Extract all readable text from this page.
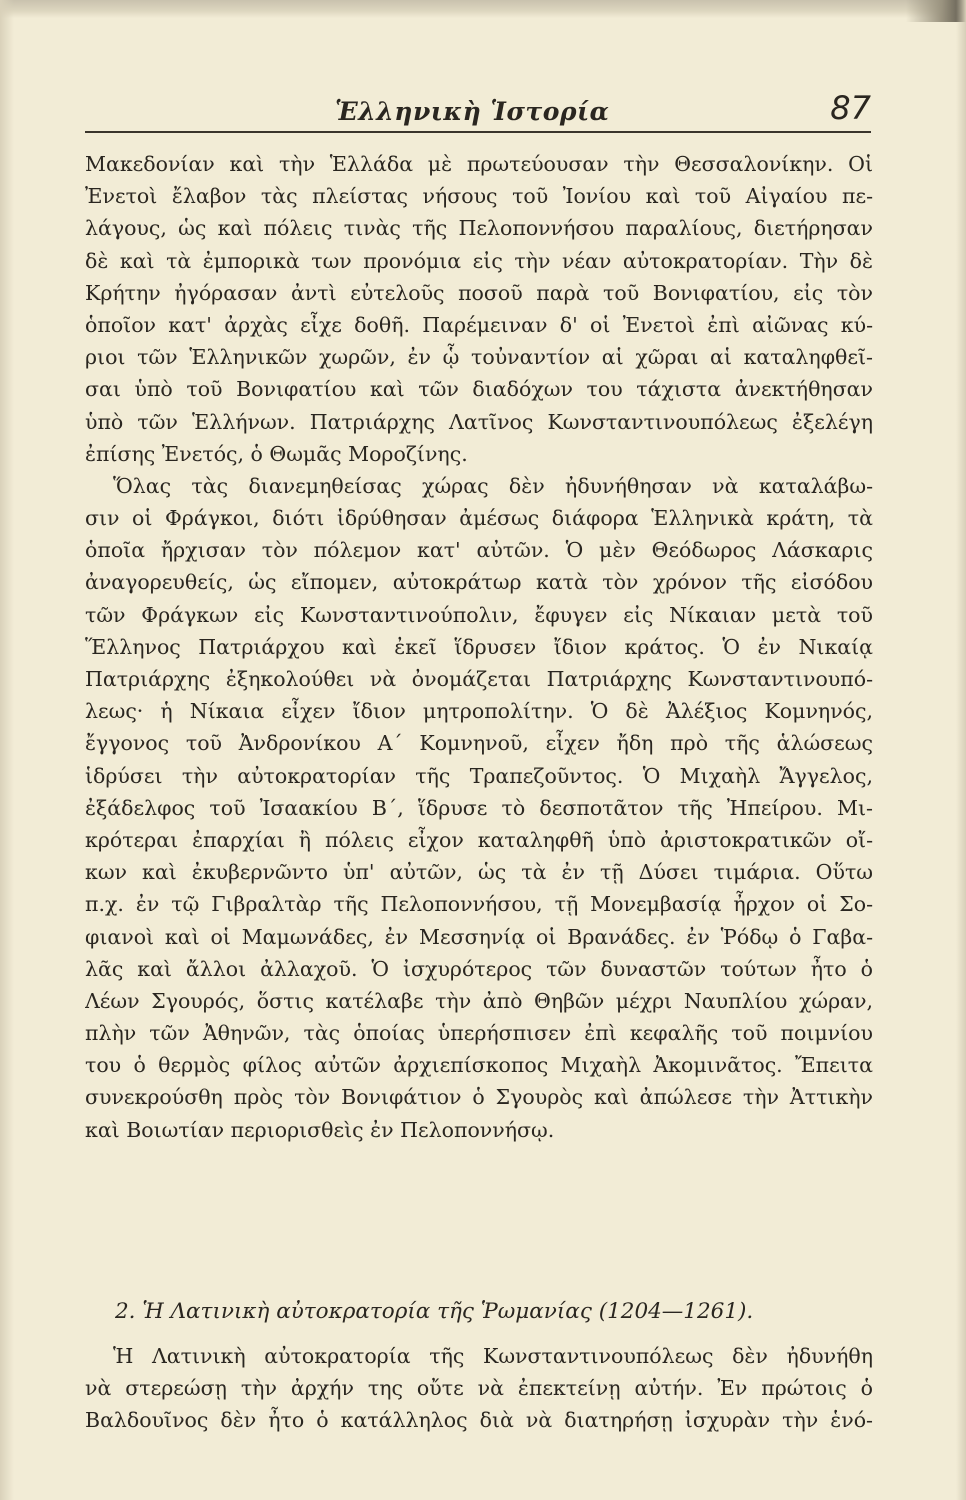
Ἑλληνικὴ Ἱστορία	87
Μακεδονίαν καὶ τὴν Ἑλλάδα μὲ πρωτεύουσαν τὴν Θεσσαλονίκην. Οἱ
Ἐνετοὶ ἔλαβον τὰς πλείστας νήσους τοῦ Ἰονίου καὶ τοῦ Αἰγαίου πε-
λάγους, ὡς καὶ πόλεις τινὰς τῆς Πελοποννήσου παραλίους, διετήρησαν
δὲ καὶ τὰ ἐμπορικὰ των προνόμια εἰς τὴν νέαν αὐτοκρατορίαν. Τὴν δὲ
Κρήτην ἠγόρασαν ἀντὶ εὐτελοῦς ποσοῦ παρὰ τοῦ Βονιφατίου, εἰς τὸν
ὁποῖον κατ' ἀρχὰς εἶχε δοθῆ. Παρέμειναν δ' οἱ Ἐνετοὶ ἐπὶ αἰῶνας κύ-
ριοι τῶν Ἑλληνικῶν χωρῶν, ἐν ᾧ τοὐναντίον αἱ χῶραι αἱ καταληφθεῖ-
σαι ὑπὸ τοῦ Βονιφατίου καὶ τῶν διαδόχων του τάχιστα ἀνεκτήθησαν
ὑπὸ τῶν Ἑλλήνων. Πατριάρχης Λατῖνος Κωνσταντινουπόλεως ἐξελέγη
ἐπίσης Ἐνετός, ὁ Θωμᾶς Μοροζίνης.
Ὅλας τὰς διανεμηθείσας χώρας δὲν ἠδυνήθησαν νὰ καταλάβω-
σιν οἱ Φράγκοι, διότι ἱδρύθησαν ἀμέσως διάφορα Ἑλληνικὰ κράτη, τὰ
ὁποῖα ἤρχισαν τὸν πόλεμον κατ' αὐτῶν. Ὁ μὲν Θεόδωρος Λάσκαρις
ἀναγορευθείς, ὡς εἴπομεν, αὐτοκράτωρ κατὰ τὸν χρόνον τῆς εἰσόδου
τῶν Φράγκων εἰς Κωνσταντινούπολιν, ἔφυγεν εἰς Νίκαιαν μετὰ τοῦ
Ἕλληνος Πατριάρχου καὶ ἐκεῖ ἵδρυσεν ἴδιον κράτος. Ὁ ἐν Νικαίᾳ
Πατριάρχης ἐξηκολούθει νὰ ὀνομάζεται Πατριάρχης Κωνσταντινουπό-
λεως· ἡ Νίκαια εἶχεν ἴδιον μητροπολίτην. Ὁ δὲ Ἀλέξιος Κομνηνός,
ἔγγονος τοῦ Ἀνδρονίκου Α΄ Κομνηνοῦ, εἶχεν ἤδη πρὸ τῆς ἁλώσεως
ἱδρύσει τὴν αὐτοκρατορίαν τῆς Τραπεζοῦντος. Ὁ Μιχαὴλ Ἄγγελος,
ἐξάδελφος τοῦ Ἰσαακίου Β΄, ἵδρυσε τὸ δεσποτᾶτον τῆς Ἠπείρου. Μι-
κρότεραι ἐπαρχίαι ἢ πόλεις εἶχον καταληφθῆ ὑπὸ ἀριστοκρατικῶν οἴ-
κων καὶ ἐκυβερνῶντο ὑπ' αὐτῶν, ὡς τὰ ἐν τῇ Δύσει τιμάρια. Οὕτω
π.χ. ἐν τῷ Γιβραλτὰρ τῆς Πελοποννήσου, τῇ Μονεμβασίᾳ ἦρχον οἱ Σο-
φιανοὶ καὶ οἱ Μαμωνάδες, ἐν Μεσσηνίᾳ οἱ Βρανάδες. ἐν Ῥόδῳ ὁ Γαβα-
λᾶς καὶ ἄλλοι ἀλλαχοῦ. Ὁ ἰσχυρότερος τῶν δυναστῶν τούτων ἦτο ὁ
Λέων Σγουρός, ὅστις κατέλαβε τὴν ἀπὸ Θηβῶν μέχρι Ναυπλίου χώραν,
πλὴν τῶν Ἀθηνῶν, τὰς ὁποίας ὑπερήσπισεν ἐπὶ κεφαλῆς τοῦ ποιμνίου
του ὁ θερμὸς φίλος αὐτῶν ἀρχιεπίσκοπος Μιχαὴλ Ἀκομινᾶτος. Ἔπειτα
συνεκρούσθη πρὸς τὸν Βονιφάτιον ὁ Σγουρὸς καὶ ἀπώλεσε τὴν Ἀττικὴν
καὶ Βοιωτίαν περιορισθεὶς ἐν Πελοποννήσῳ.
2. Ἡ Λατινικὴ αὐτοκρατορία τῆς Ῥωμανίας (1204—1261).
Ἡ Λατινικὴ αὐτοκρατορία τῆς Κωνσταντινουπόλεως δὲν ἠδυνήθη
νὰ στερεώσῃ τὴν ἀρχήν της οὔτε νὰ ἐπεκτείνῃ αὐτήν. Ἐν πρώτοις ὁ
Βαλδουῖνος δὲν ἦτο ὁ κατάλληλος διὰ νὰ διατηρήσῃ ἰσχυρὰν τὴν ἑνό-
